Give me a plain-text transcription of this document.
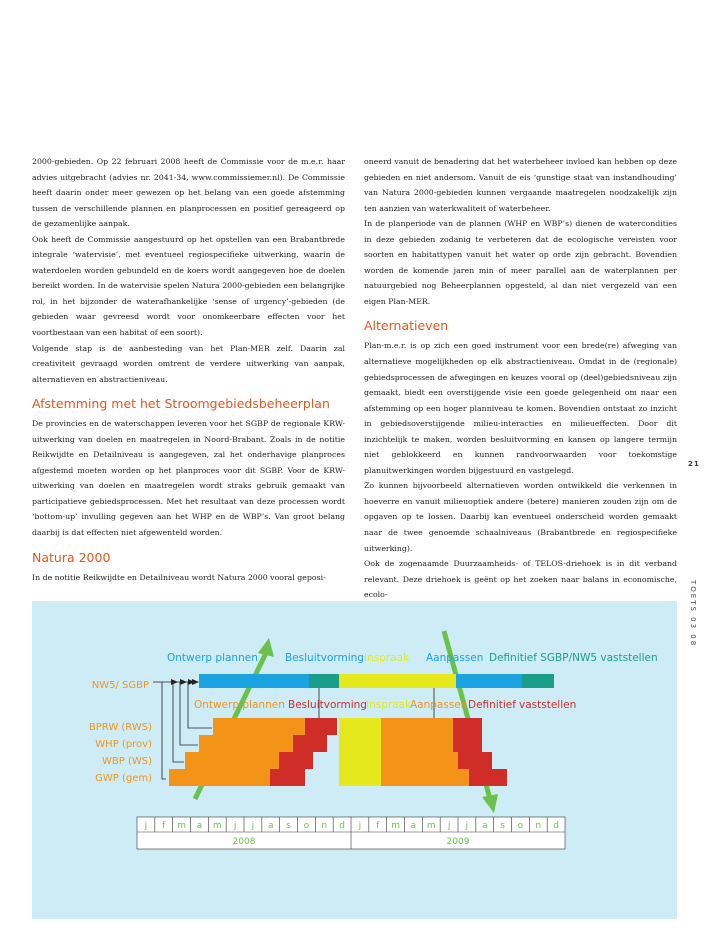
2000-gebieden. Op 22 februari 2008 heeft de Commissie voor de m.e.r. haar advies uitgebracht (advies nr. 2041-34, www.commissiemer.nl). De Commissie heeft daarin onder meer gewezen op het belang van een goede afstemming tussen de verschillende plannen en planprocessen en positief gereageerd op de gezamenlijke aanpak.

Ook heeft de Commissie aangestuurd op het opstellen van een Brabantbrede integrale ‘watervisie’, met eventueel regiospecifieke uitwerking, waarin de waterdoelen worden gebundeld en de koers wordt aangegeven hoe de doelen bereikt worden. In de watervisie spelen Natura 2000-gebieden een belangrijke rol, in het bijzonder de waterafhankelijke ‘sense of urgency’-gebieden (de gebieden waar gevreesd wordt voor onomkeerbare effecten voor het voortbestaan van een habitat of een soort).

Volgende stap is de aanbesteding van het Plan-MER zelf. Daarin zal creativiteit gevraagd worden omtrent de verdere uitwerking van aanpak, alternatieven en abstractieniveau.

Afstemming met het Stroomgebiedsbeheerplan

De provincies en de waterschappen leveren voor het SGBP de regionale KRW-uitwerking van doelen en maatregelen in Noord-Brabant. Zoals in de notitie Reikwijdte en Detailniveau is aangegeven, zal het onderhavige planproces afgestemd moeten worden op het planproces voor dit SGBP. Voor de KRW-uitwerking van doelen en maatregelen wordt straks gebruik gemaakt van participatieve gebiedsprocessen. Met het resultaat van deze processen wordt ‘bottom-up’ invulling gegeven aan het WHP en de WBP’s. Van groot belang daarbij is dat effecten niet afgewenteld worden.

Natura 2000

In de notitie Reikwijdte en Detailniveau wordt Natura 2000 vooral geposi-

oneerd vanuit de benadering dat het waterbeheer invloed kan hebben op deze gebieden en niet andersom. Vanuit de eis ‘gunstige staat van instandhouding’ van Natura 2000-gebieden kunnen vergaande maatregelen noodzakelijk zijn ten aanzien van waterkwaliteit of waterbeheer.

In de planperiode van de plannen (WHP en WBP’s) dienen de watercondities in deze gebieden zodanig te verbeteren dat de ecologische vereisten voor soorten en habitattypen vanuit het water op orde zijn gebracht. Bovendien worden de komende jaren min of meer parallel aan de waterplannen per natuurgebied nog Beheerplannen opgesteld, al dan niet vergezeld van een eigen Plan-MER.

Alternatieven

Plan-m.e.r. is op zich een goed instrument voor een brede(re) afweging van alternatieve mogelijkheden op elk abstractieniveau. Omdat in de (regionale) gebiedsprocessen de afwegingen en keuzes vooral op (deel)gebiedsniveau zijn gemaakt, biedt een overstijgende visie een goede gelegenheid om naar een afstemming op een hoger planniveau te komen. Bovendien ontstaat zo inzicht in gebiedsoverstijgende milieu-interacties en milieueffecten. Door dit inzichtelijk te maken, worden besluitvorming en kansen op langere termijn niet geblokkeerd en kunnen randvoorwaarden voor toekomstige planuitwerkingen worden bijgestuurd en vastgelegd.

Zo kunnen bijvoorbeeld alternatieven worden ontwikkeld die verkennen in hoeverre en vanuit milieuoptiek andere (betere) manieren zouden zijn om de opgaven op te lossen. Daarbij kan eventueel onderscheid worden gemaakt naar de twee genoemde schaalniveaus (Brabantbrede en regiospecifieke uitwerking).

Ook de zogenaamde Duurzaamheids- of TELOS-driehoek is in dit verband relevant. Deze driehoek is geënt op het zoeken naar balans in economische, ecolo-

21
TOETS 03 08
Ontwerp plannen	Besluitvorming Inspraak Aanpassen Definitief SGBP/NW5 vaststellen
NW5/ SGBP
BPRW (RWS)
WHP (prov)
WBP (WS)
GWP (gem)
Ontwerp plannen Besluitvorming Inspraak
Aanpassen Definitief vaststellen
j f m a m j j a s o n d j f m a m j j a s o n d
2008	2009
